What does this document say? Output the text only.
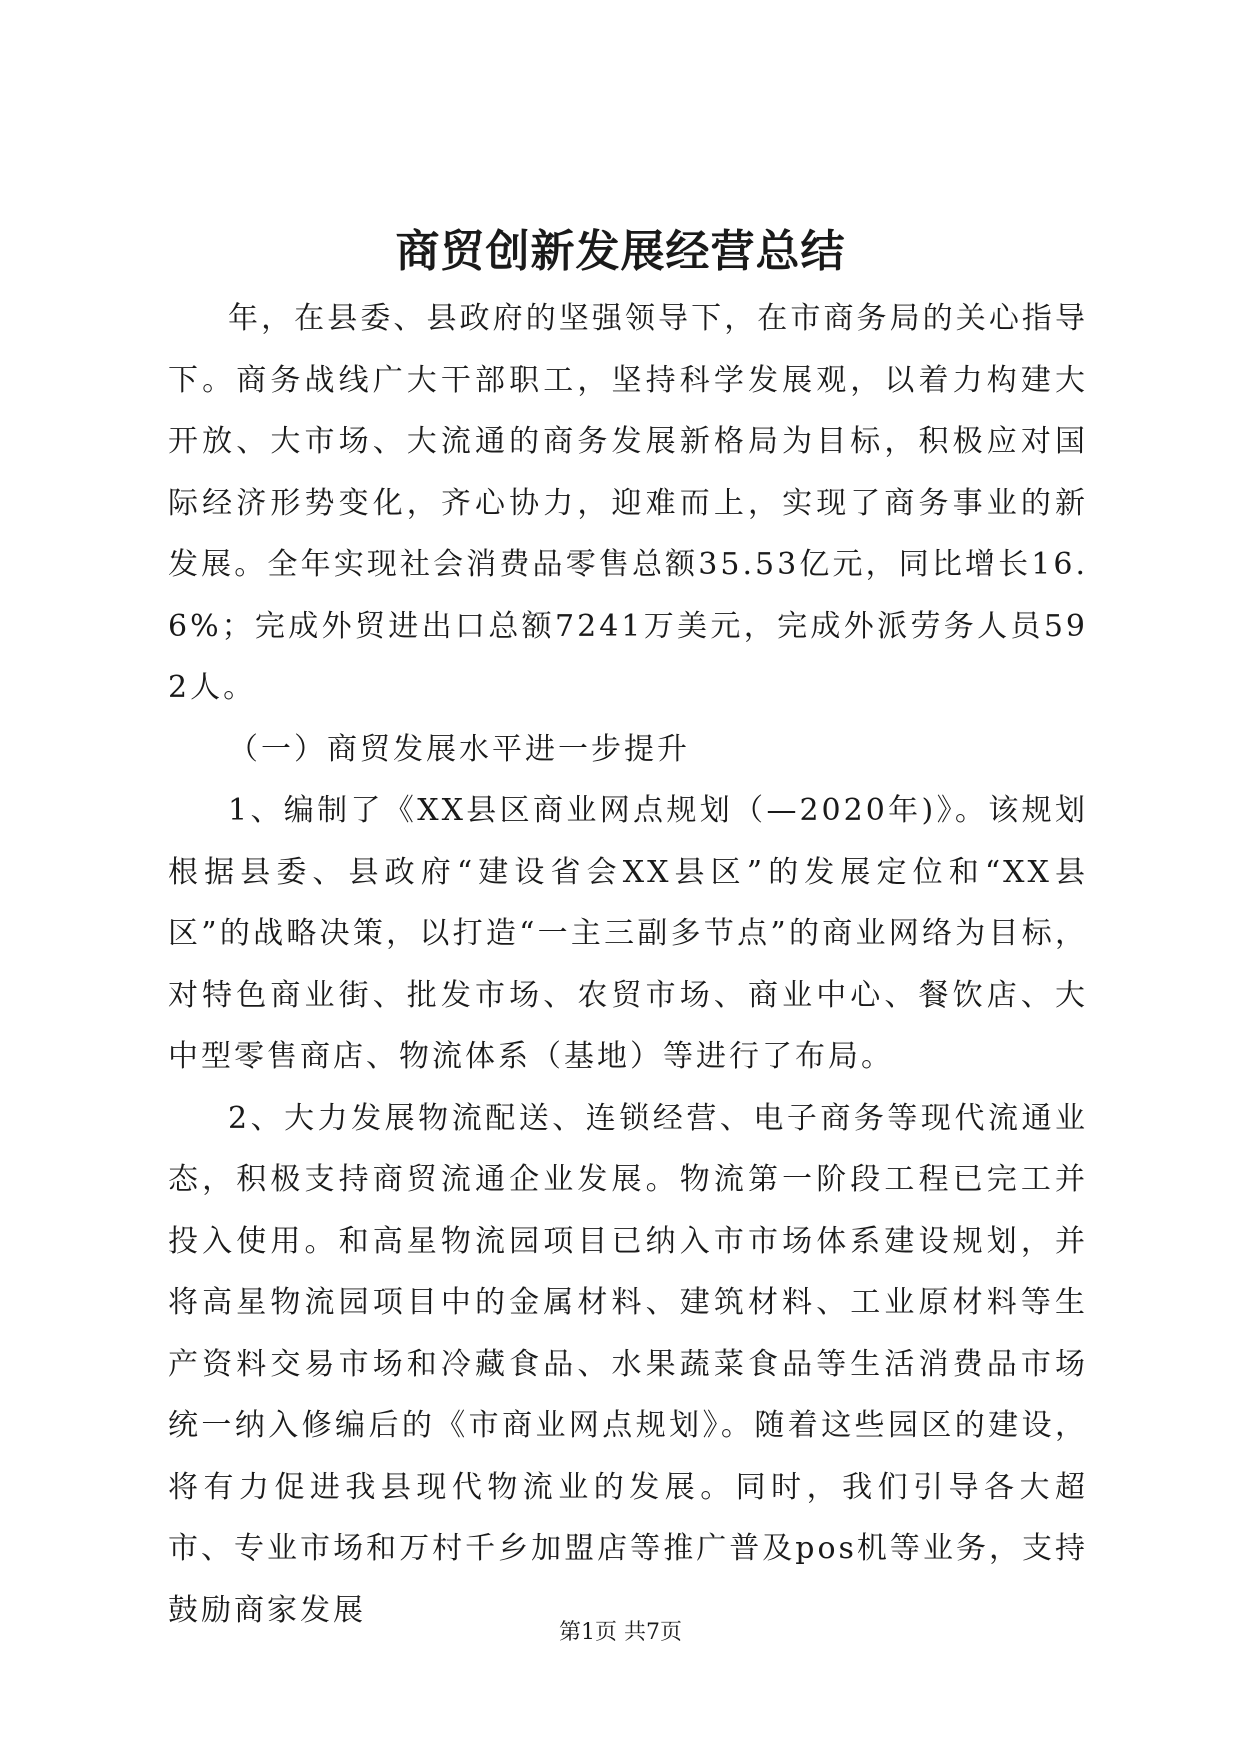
商贸创新发展经营总结

年，在县委、县政府的坚强领导下，在市商务局的关心指导下。商务战线广大干部职工，坚持科学发展观，以着力构建大开放、大市场、大流通的商务发展新格局为目标，积极应对国际经济形势变化，齐心协力，迎难而上，实现了商务事业的新发展。全年实现社会消费品零售总额35.53亿元，同比增长16.6%；完成外贸进出口总额7241万美元，完成外派劳务人员592人。

（一）商贸发展水平进一步提升

1、编制了《XX县区商业网点规划（—2020年)》。该规划根据县委、县政府“建设省会XX县区”的发展定位和“XX县区”的战略决策，以打造“一主三副多节点”的商业网络为目标，对特色商业街、批发市场、农贸市场、商业中心、餐饮店、大中型零售商店、物流体系（基地）等进行了布局。

2、大力发展物流配送、连锁经营、电子商务等现代流通业态，积极支持商贸流通企业发展。物流第一阶段工程已完工并投入使用。和高星物流园项目已纳入市市场体系建设规划，并将高星物流园项目中的金属材料、建筑材料、工业原材料等生产资料交易市场和冷藏食品、水果蔬菜食品等生活消费品市场统一纳入修编后的《市商业网点规划》。随着这些园区的建设，将有力促进我县现代物流业的发展。同时，我们引导各大超市、专业市场和万村千乡加盟店等推广普及pos机等业务，支持鼓励商家发展

第1页 共7页
